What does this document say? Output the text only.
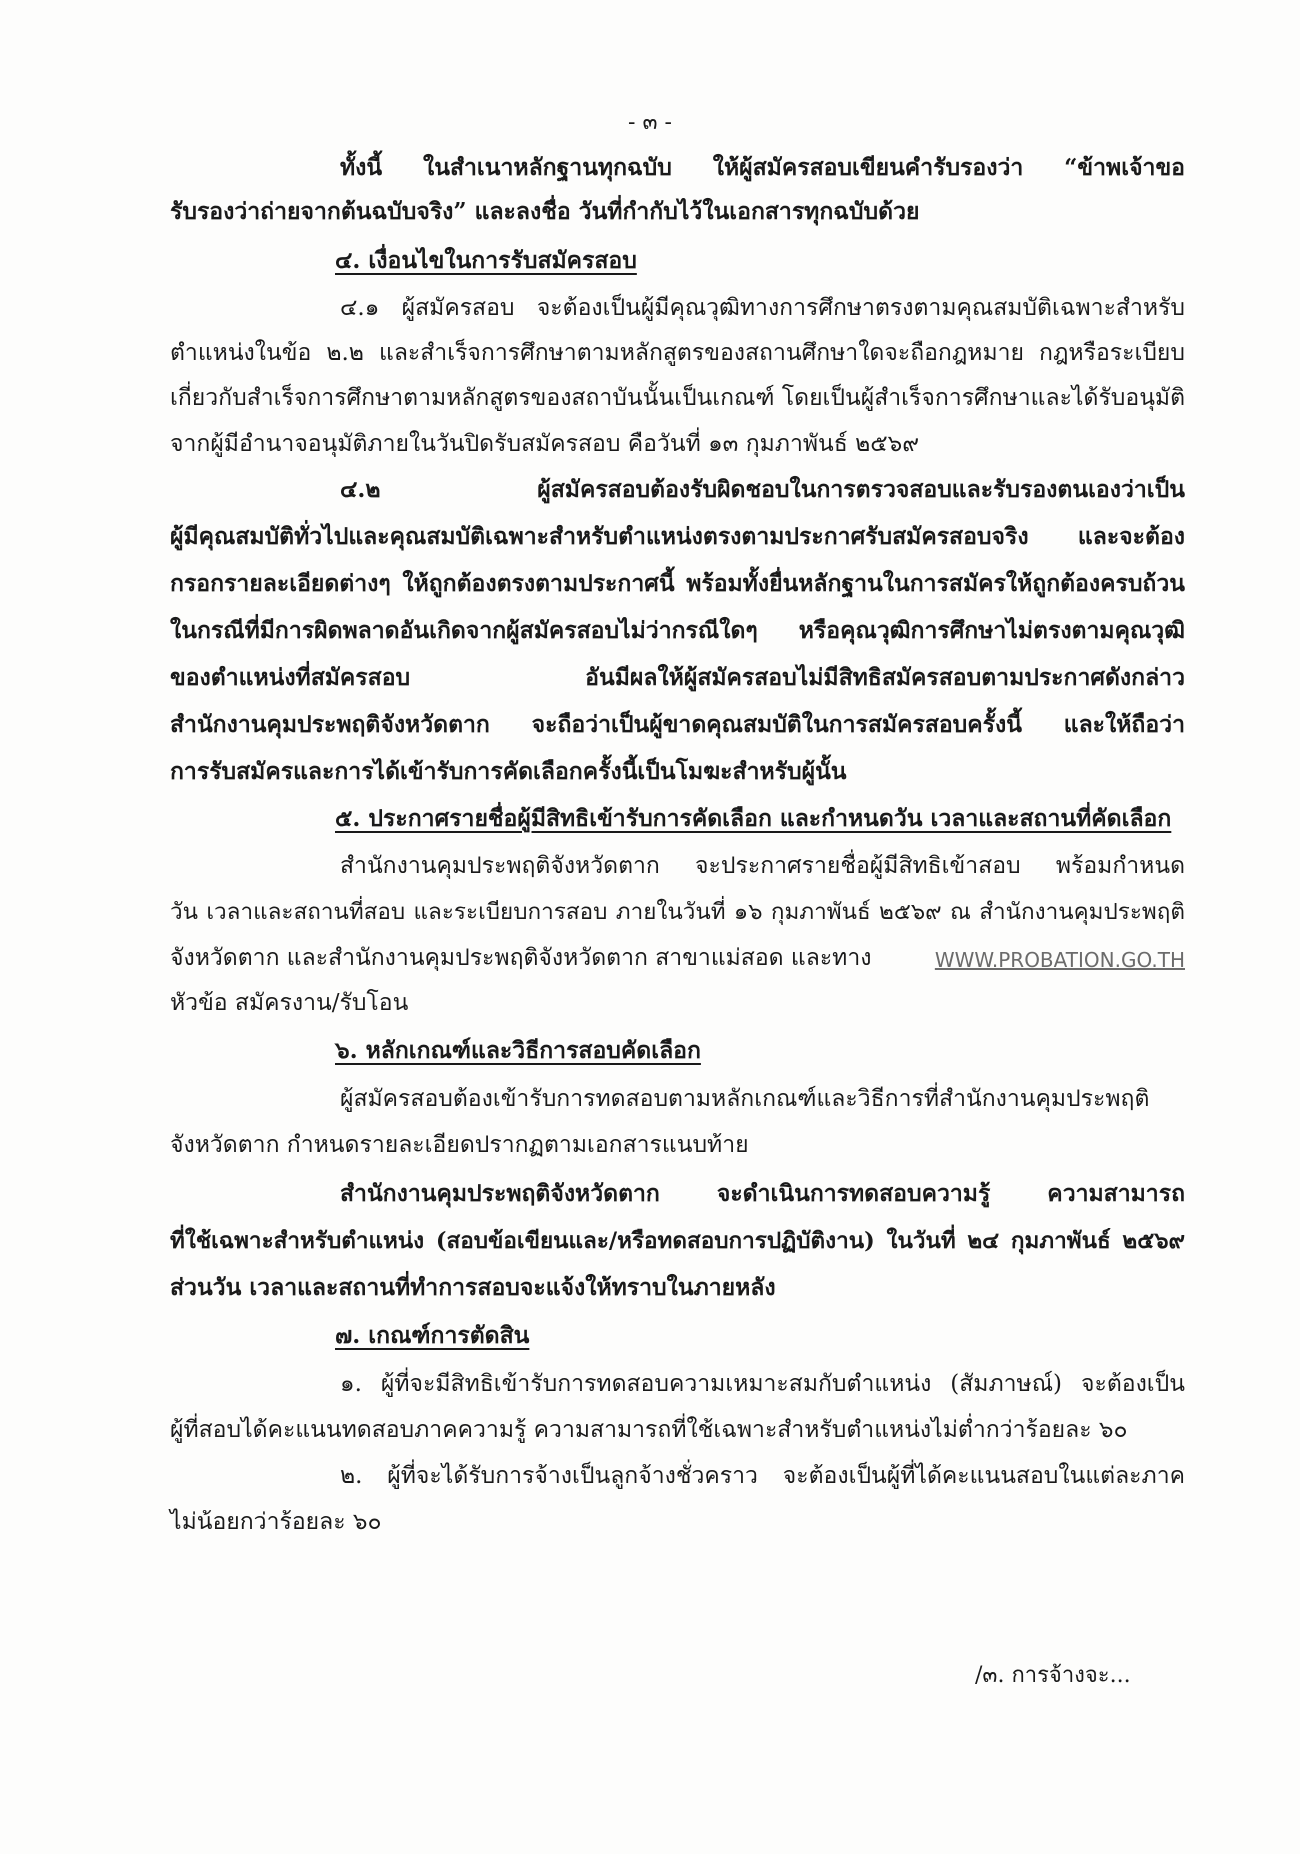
- ๓ -
ทั้งนี้ ในสำเนาหลักฐานทุกฉบับ ให้ผู้สมัครสอบเขียนคำรับรองว่า “ข้าพเจ้าขอ
รับรองว่าถ่ายจากต้นฉบับจริง” และลงชื่อ วันที่กำกับไว้ในเอกสารทุกฉบับด้วย
๔. เงื่อนไขในการรับสมัครสอบ
๔.๑ ผู้สมัครสอบ จะต้องเป็นผู้มีคุณวุฒิทางการศึกษาตรงตามคุณสมบัติเฉพาะสำหรับ
ตำแหน่งในข้อ ๒.๒ และสำเร็จการศึกษาตามหลักสูตรของสถานศึกษาใดจะถือกฎหมาย กฎหรือระเบียบ
เกี่ยวกับสำเร็จการศึกษาตามหลักสูตรของสถาบันนั้นเป็นเกณฑ์ โดยเป็นผู้สำเร็จการศึกษาและได้รับอนุมัติ
จากผู้มีอำนาจอนุมัติภายในวันปิดรับสมัครสอบ คือวันที่ ๑๓ กุมภาพันธ์ ๒๕๖๙
๔.๒ ผู้สมัครสอบต้องรับผิดชอบในการตรวจสอบและรับรองตนเองว่าเป็น
ผู้มีคุณสมบัติทั่วไปและคุณสมบัติเฉพาะสำหรับตำแหน่งตรงตามประกาศรับสมัครสอบจริง และจะต้อง
กรอกรายละเอียดต่างๆ ให้ถูกต้องตรงตามประกาศนี้ พร้อมทั้งยื่นหลักฐานในการสมัครให้ถูกต้องครบถ้วน
ในกรณีที่มีการผิดพลาดอันเกิดจากผู้สมัครสอบไม่ว่ากรณีใดๆ หรือคุณวุฒิการศึกษาไม่ตรงตามคุณวุฒิ
ของตำแหน่งที่สมัครสอบ อันมีผลให้ผู้สมัครสอบไม่มีสิทธิสมัครสอบตามประกาศดังกล่าว
สำนักงานคุมประพฤติจังหวัดตาก จะถือว่าเป็นผู้ขาดคุณสมบัติในการสมัครสอบครั้งนี้ และให้ถือว่า
การรับสมัครและการได้เข้ารับการคัดเลือกครั้งนี้เป็นโมฆะสำหรับผู้นั้น
๕. ประกาศรายชื่อผู้มีสิทธิเข้ารับการคัดเลือก และกำหนดวัน เวลาและสถานที่คัดเลือก
สำนักงานคุมประพฤติจังหวัดตาก จะประกาศรายชื่อผู้มีสิทธิเข้าสอบ พร้อมกำหนด
วัน เวลาและสถานที่สอบ และระเบียบการสอบ ภายในวันที่ ๑๖ กุมภาพันธ์ ๒๕๖๙ ณ สำนักงานคุมประพฤติ
จังหวัดตาก และสำนักงานคุมประพฤติจังหวัดตาก สาขาแม่สอด และทาง	WWW.PROBATION.GO.TH
หัวข้อ สมัครงาน/รับโอน
๖. หลักเกณฑ์และวิธีการสอบคัดเลือก
ผู้สมัครสอบต้องเข้ารับการทดสอบตามหลักเกณฑ์และวิธีการที่สำนักงานคุมประพฤติ
จังหวัดตาก กำหนดรายละเอียดปรากฏตามเอกสารแนบท้าย
สำนักงานคุมประพฤติจังหวัดตาก จะดำเนินการทดสอบความรู้ ความสามารถ
ที่ใช้เฉพาะสำหรับตำแหน่ง (สอบข้อเขียนและ/หรือทดสอบการปฏิบัติงาน) ในวันที่ ๒๔ กุมภาพันธ์ ๒๕๖๙
ส่วนวัน เวลาและสถานที่ทำการสอบจะแจ้งให้ทราบในภายหลัง
๗. เกณฑ์การตัดสิน
๑. ผู้ที่จะมีสิทธิเข้ารับการทดสอบความเหมาะสมกับตำแหน่ง (สัมภาษณ์) จะต้องเป็น
ผู้ที่สอบได้คะแนนทดสอบภาคความรู้ ความสามารถที่ใช้เฉพาะสำหรับตำแหน่งไม่ต่ำกว่าร้อยละ ๖๐
๒. ผู้ที่จะได้รับการจ้างเป็นลูกจ้างชั่วคราว จะต้องเป็นผู้ที่ได้คะแนนสอบในแต่ละภาค
ไม่น้อยกว่าร้อยละ ๖๐
/๓. การจ้างจะ...
